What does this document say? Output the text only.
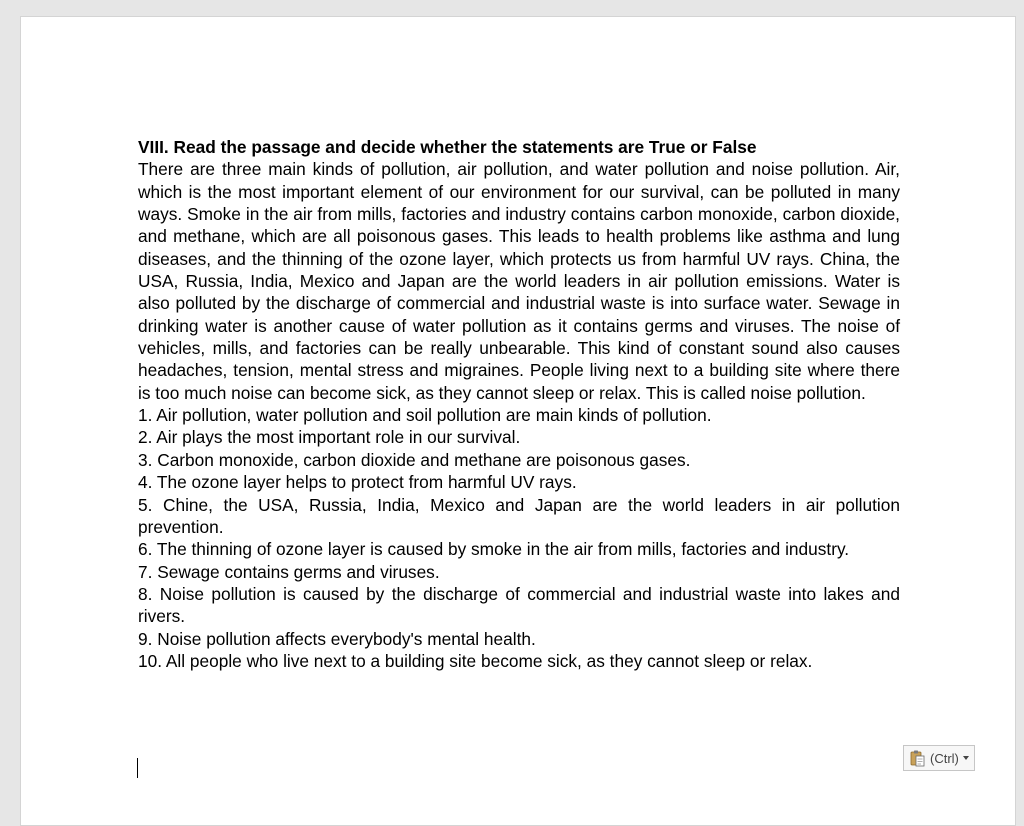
VIII. Read the passage and decide whether the statements are True or False

There are three main kinds of pollution, air pollution, and water pollution and noise pollution. Air, which is the most important element of our environment for our survival, can be polluted in many ways. Smoke in the air from mills, factories and industry contains carbon monoxide, carbon dioxide, and methane, which are all poisonous gases. This leads to health problems like asthma and lung diseases, and the thinning of the ozone layer, which protects us from harmful UV rays. China, the USA, Russia, India, Mexico and Japan are the world leaders in air pollution emissions. Water is also polluted by the discharge of commercial and industrial waste is into surface water. Sewage in drinking water is another cause of water pollution as it contains germs and viruses. The noise of vehicles, mills, and factories can be really unbearable. This kind of constant sound also causes headaches, tension, mental stress and migraines. People living next to a building site where there is too much noise can become sick, as they cannot sleep or relax. This is called noise pollution.

1. Air pollution, water pollution and soil pollution are main kinds of pollution.

2. Air plays the most important role in our survival.

3. Carbon monoxide, carbon dioxide and methane are poisonous gases.

4. The ozone layer helps to protect from harmful UV rays.

5. Chine, the USA, Russia, India, Mexico and Japan are the world leaders in air pollution prevention.

6. The thinning of ozone layer is caused by smoke in the air from mills, factories and industry.

7. Sewage contains germs and viruses.

8. Noise pollution is caused by the discharge of commercial and industrial waste into lakes and rivers.

9. Noise pollution affects everybody's mental health.

10. All people who live next to a building site become sick, as they cannot sleep or relax.

(Ctrl)
